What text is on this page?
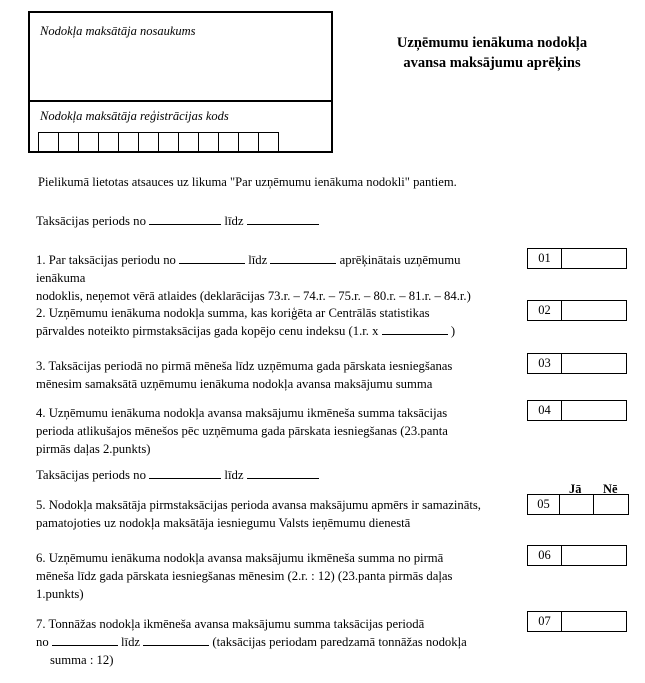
Nodokļa maksātāja nosaukums
Nodokļa maksātāja reģistrācijas kods
Uzņēmumu ienākuma nodokļa
avansa maksājumu aprēķins
Pielikumā lietotas atsauces uz likuma "Par uzņēmumu ienākuma nodokli" pantiem.
Taksācijas periods no	līdz
1. Par taksācijas periodu no	līdz	aprēķinātais uzņēmumu ienākuma
nodoklis, neņemot vērā atlaides (deklarācijas 73.r. – 74.r. – 75.r. – 80.r. – 81.r. – 84.r.)
01
2. Uzņēmumu ienākuma nodokļa summa, kas koriģēta ar Centrālās statistikas
pārvaldes noteikto pirmstaksācijas gada kopējo cenu indeksu (1.r. x	)
02
3. Taksācijas periodā no pirmā mēneša līdz uzņēmuma gada pārskata iesniegšanas
mēnesim samaksātā uzņēmumu ienākuma nodokļa avansa maksājumu summa
03
4. Uzņēmumu ienākuma nodokļa avansa maksājumu ikmēneša summa taksācijas
perioda atlikušajos mēnešos pēc uzņēmuma gada pārskata iesniegšanas (23.panta
pirmās daļas 2.punkts)
04
Taksācijas periods no	līdz
Jā Nē
5. Nodokļa maksātāja pirmstaksācijas perioda avansa maksājumu apmērs ir samazināts,
pamatojoties uz nodokļa maksātāja iesniegumu Valsts ieņēmumu dienestā
05
6. Uzņēmumu ienākuma nodokļa avansa maksājumu ikmēneša summa no pirmā
mēneša līdz gada pārskata iesniegšanas mēnesim (2.r. : 12) (23.panta pirmās daļas
1.punkts)
06
7. Tonnāžas nodokļa ikmēneša avansa maksājumu summa taksācijas periodā
no	līdz	(taksācijas periodam paredzamā tonnāžas nodokļa
summa : 12)
07
